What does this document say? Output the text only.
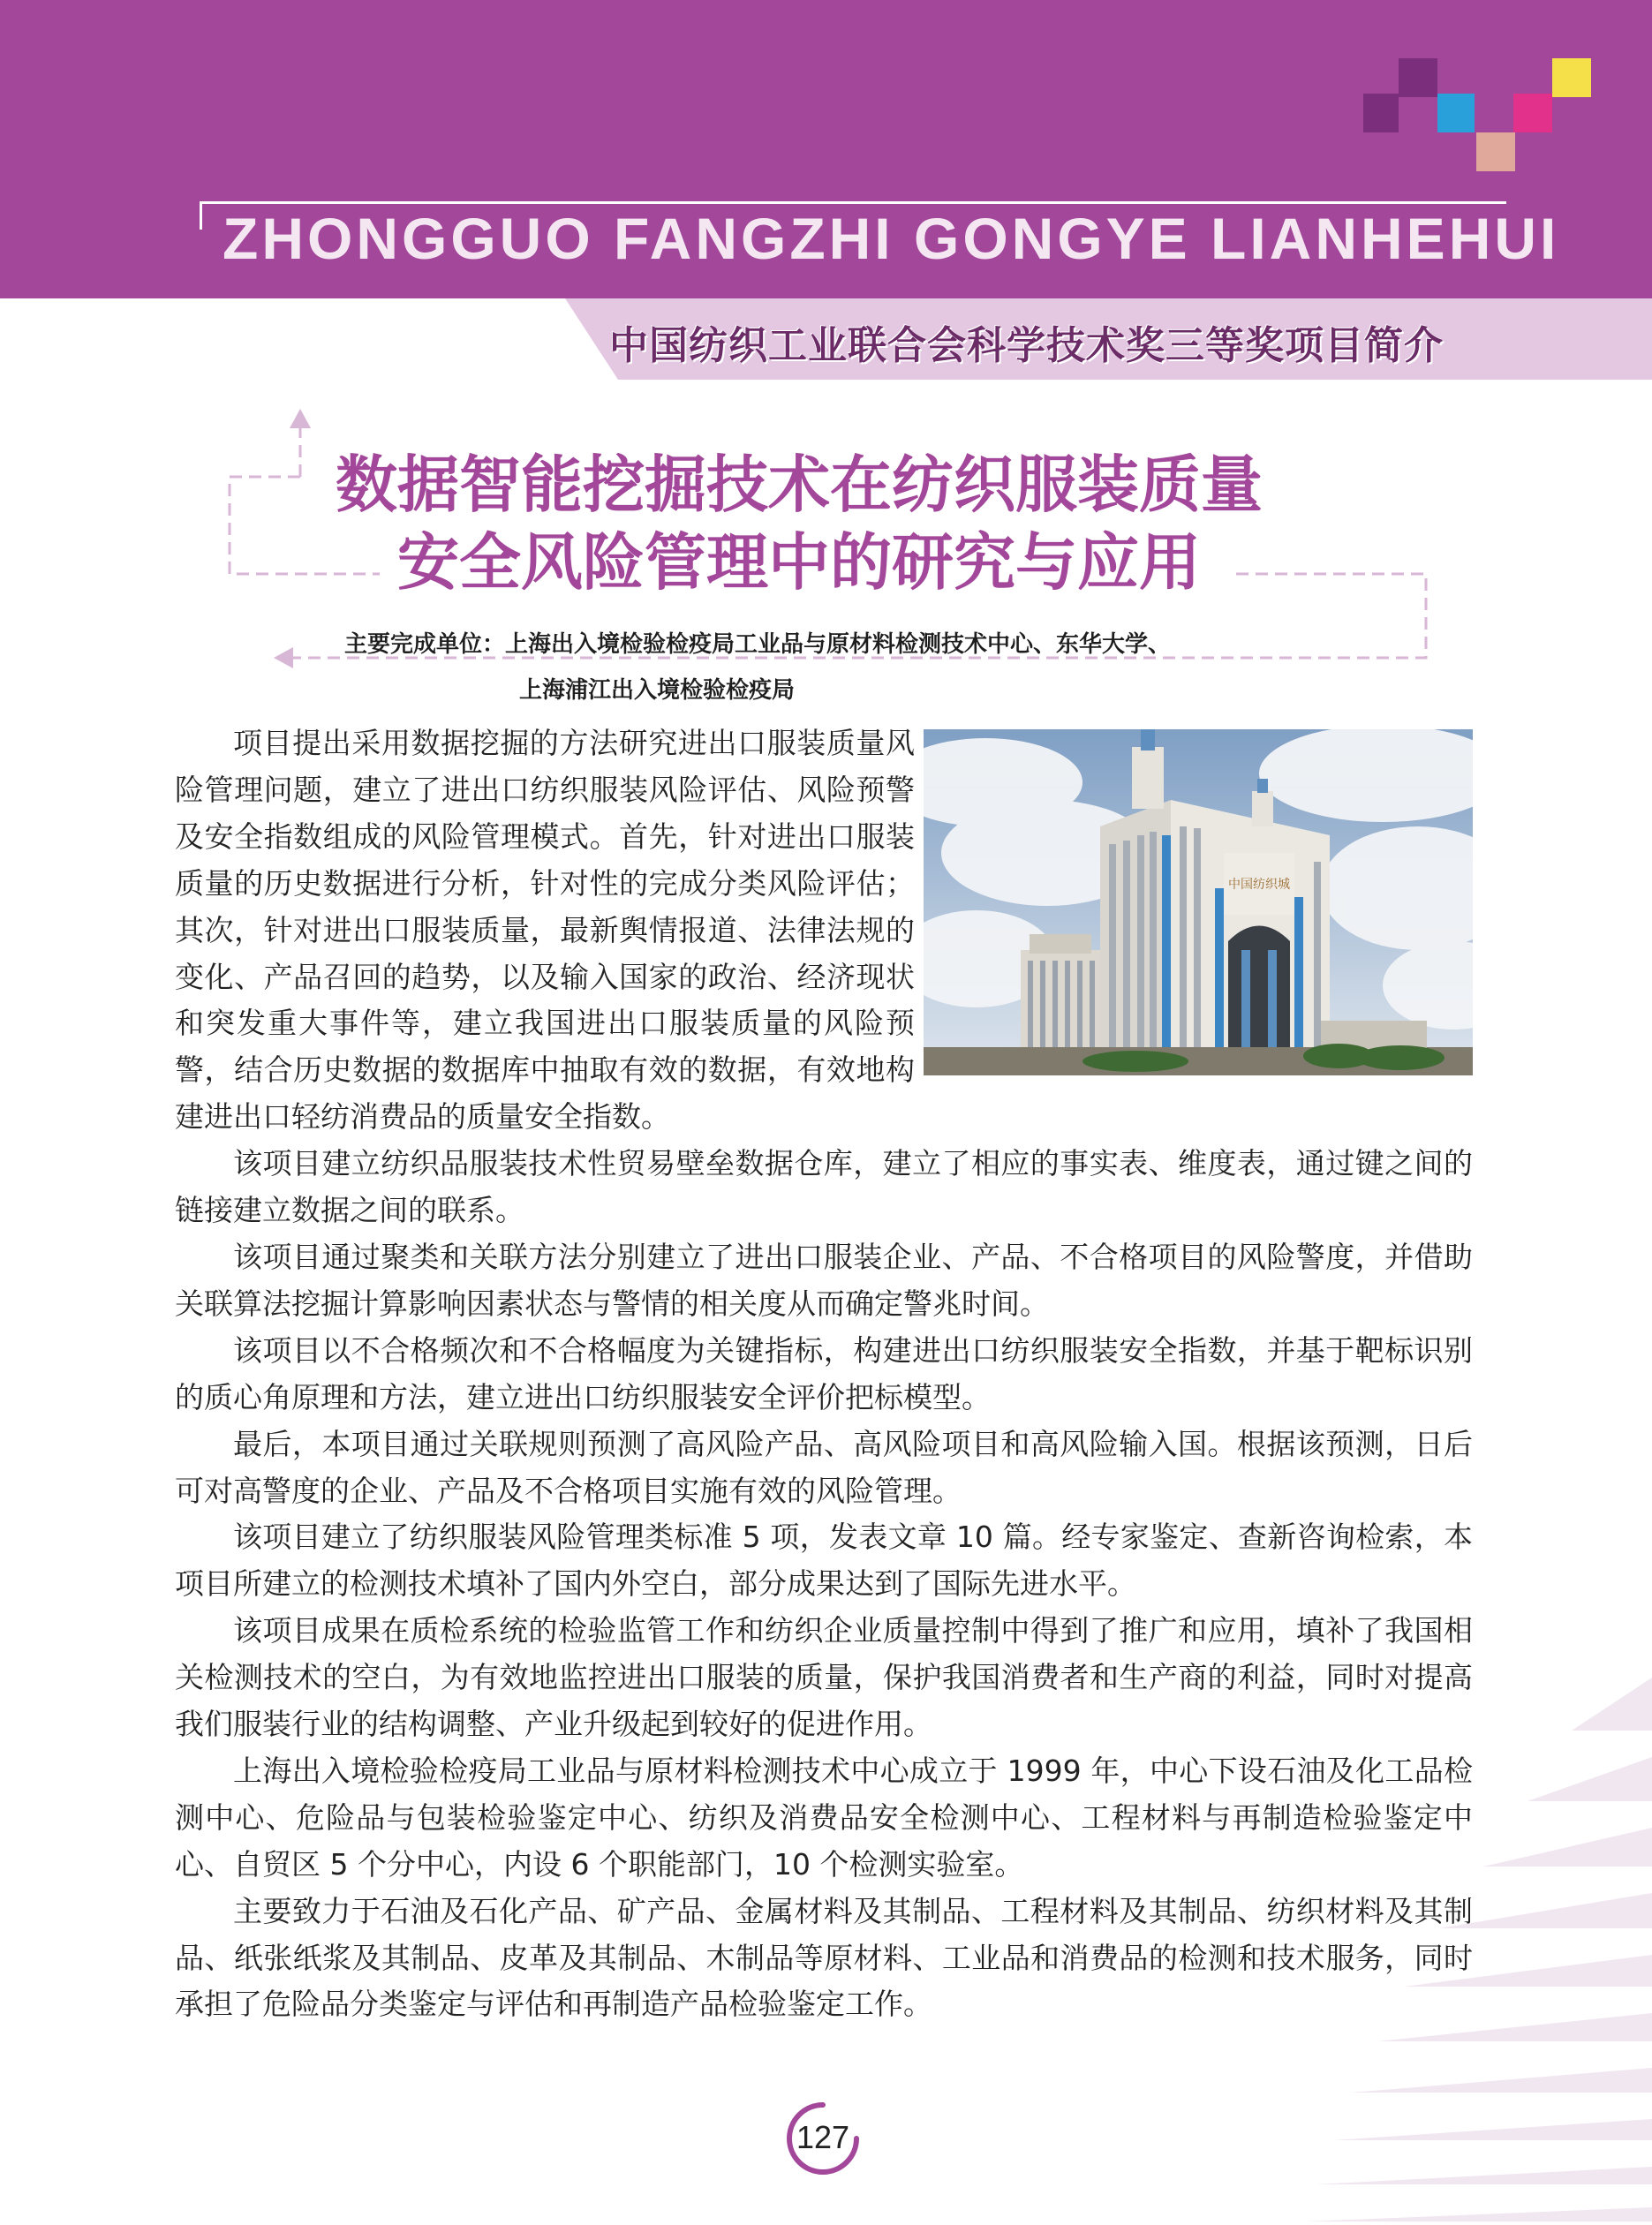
ZHONGGUO FANGZHI GONGYE LIANHEHUI
中国纺织工业联合会科学技术奖三等奖项目简介
数据智能挖掘技术在纺织服装质量
安全风险管理中的研究与应用
主要完成单位：上海出入境检验检疫局工业品与原材料检测技术中心、东华大学、
上海浦江出入境检验检疫局

项目提出采用数据挖掘的方法研究进出口服装质量风险管理问题，建立了进出口纺织服装风险评估、风险预警及安全指数组成的风险管理模式。首先，针对进出口服装质量的历史数据进行分析，针对性的完成分类风险评估；其次，针对进出口服装质量，最新舆情报道、法律法规的变化、产品召回的趋势，以及输入国家的政治、经济现状和突发重大事件等，建立我国进出口服装质量的风险预警，结合历史数据的数据库中抽取有效的数据，有效地构建进出口轻纺消费品的质量安全指数。

该项目建立纺织品服装技术性贸易壁垒数据仓库，建立了相应的事实表、维度表，通过键之间的链接建立数据之间的联系。

该项目通过聚类和关联方法分别建立了进出口服装企业、产品、不合格项目的风险警度，并借助关联算法挖掘计算影响因素状态与警情的相关度从而确定警兆时间。

该项目以不合格频次和不合格幅度为关键指标，构建进出口纺织服装安全指数，并基于靶标识别的质心角原理和方法，建立进出口纺织服装安全评价把标模型。

最后，本项目通过关联规则预测了高风险产品、高风险项目和高风险输入国。根据该预测，日后可对高警度的企业、产品及不合格项目实施有效的风险管理。

该项目建立了纺织服装风险管理类标准 5 项，发表文章 10 篇。经专家鉴定、查新咨询检索，本项目所建立的检测技术填补了国内外空白，部分成果达到了国际先进水平。

该项目成果在质检系统的检验监管工作和纺织企业质量控制中得到了推广和应用，填补了我国相关检测技术的空白，为有效地监控进出口服装的质量，保护我国消费者和生产商的利益，同时对提高我们服装行业的结构调整、产业升级起到较好的促进作用。

上海出入境检验检疫局工业品与原材料检测技术中心成立于 1999 年，中心下设石油及化工品检测中心、危险品与包装检验鉴定中心、纺织及消费品安全检测中心、工程材料与再制造检验鉴定中心、自贸区 5 个分中心，内设 6 个职能部门，10 个检测实验室。

主要致力于石油及石化产品、矿产品、金属材料及其制品、工程材料及其制品、纺织材料及其制品、纸张纸浆及其制品、皮革及其制品、木制品等原材料、工业品和消费品的检测和技术服务，同时承担了危险品分类鉴定与评估和再制造产品检验鉴定工作。

中国纺织城
127
